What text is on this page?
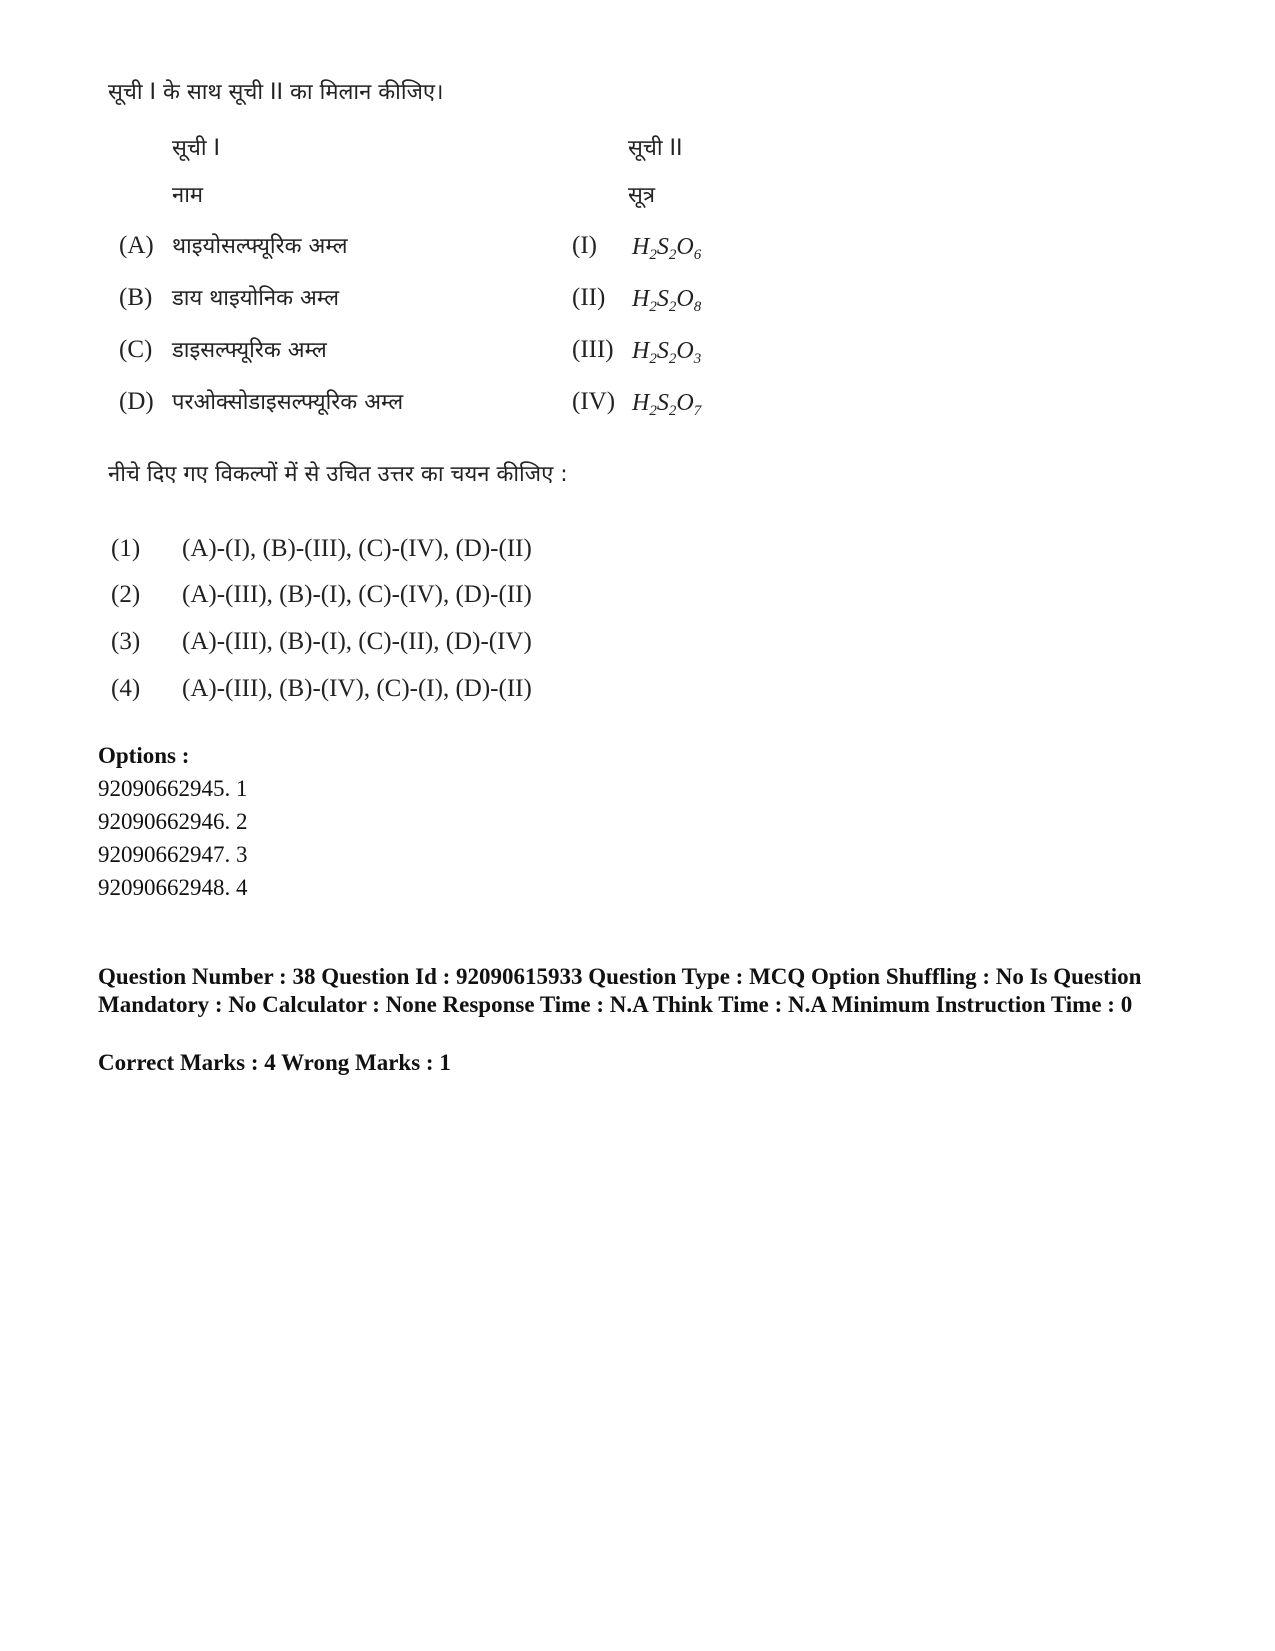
सूची I के साथ सूची II का मिलान कीजिए।
सूची I	सूची II
नाम	सूत्र
(A) थाइयोसल्फ्यूरिक अम्ल	(I) $H_2S_2O_6$
(B) डाय थाइयोनिक अम्ल	(II) $H_2S_2O_8$
(C) डाइसल्फ्यूरिक अम्ल	(III) $H_2S_2O_3$
(D) परओक्सोडाइसल्फ्यूरिक अम्ल	(IV) $H_2S_2O_7$
नीचे दिए गए विकल्पों में से उचित उत्तर का चयन कीजिए :
(1) (A)-(I), (B)-(III), (C)-(IV), (D)-(II)
(2) (A)-(III), (B)-(I), (C)-(IV), (D)-(II)
(3) (A)-(III), (B)-(I), (C)-(II), (D)-(IV)
(4) (A)-(III), (B)-(IV), (C)-(I), (D)-(II)
Options :
92090662945. 1
92090662946. 2
92090662947. 3
92090662948. 4
Question Number : 38 Question Id : 92090615933 Question Type : MCQ Option Shuffling : No Is Question Mandatory : No Calculator : None Response Time : N.A Think Time : N.A Minimum Instruction Time : 0
Correct Marks : 4 Wrong Marks : 1
